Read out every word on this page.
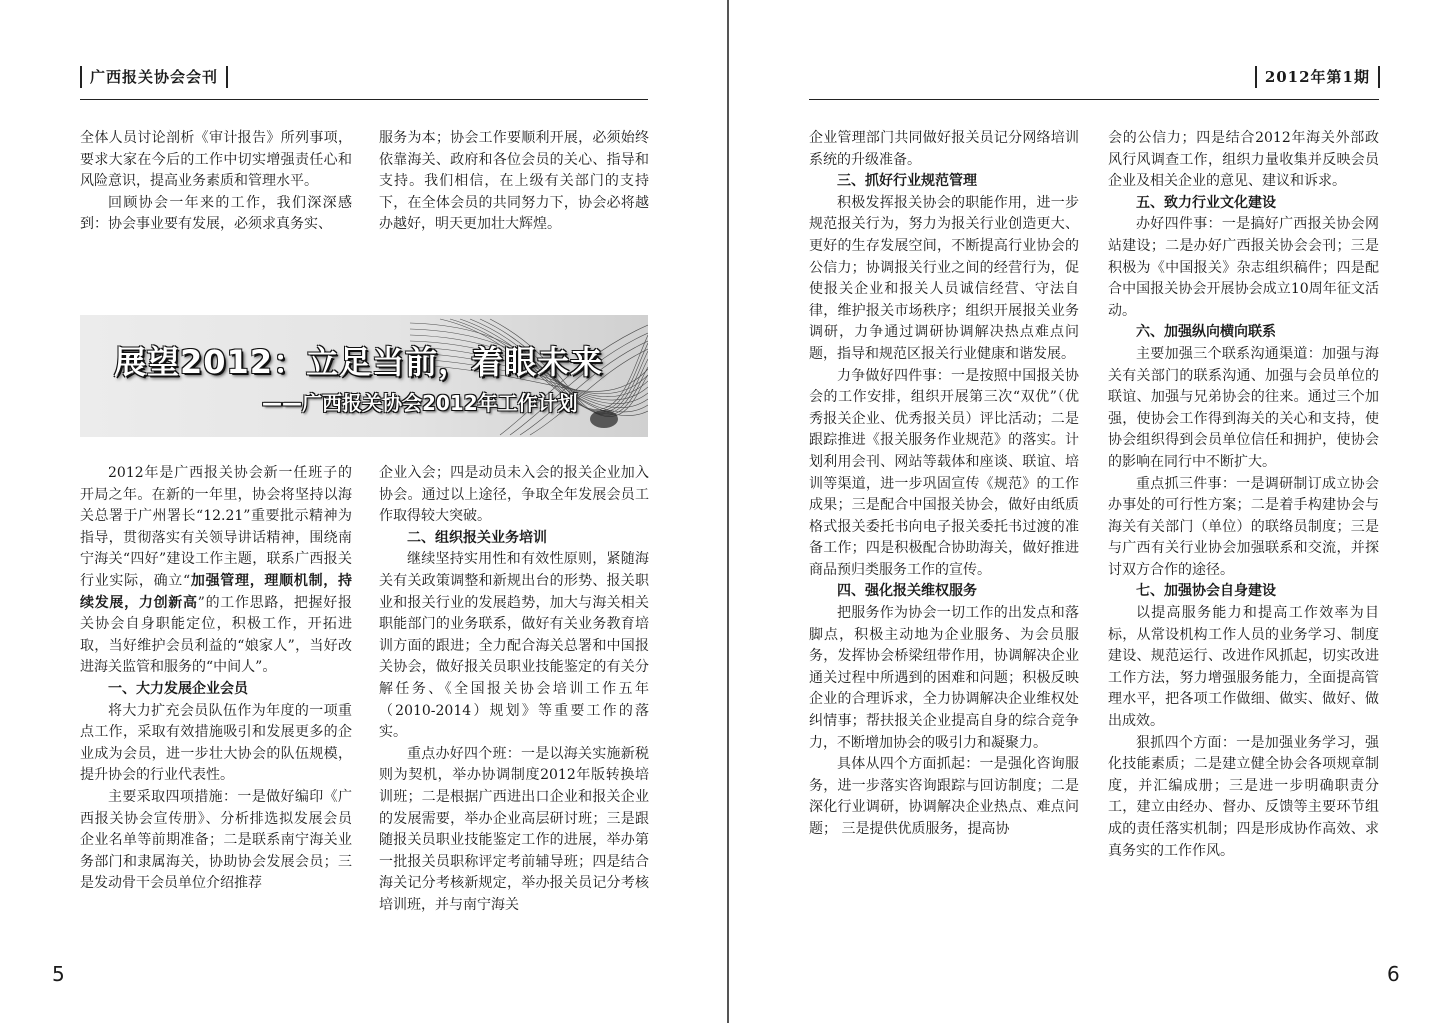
广西报关协会会刊

全体人员讨论剖析《审计报告》所列事项，要求大家在今后的工作中切实增强责任心和风险意识，提高业务素质和管理水平。

回顾协会一年来的工作，我们深深感到：协会事业要有发展，必须求真务实、

服务为本；协会工作要顺利开展，必须始终依靠海关、政府和各位会员的关心、指导和支持。我们相信，在上级有关部门的支持下，在全体会员的共同努力下，协会必将越办越好，明天更加壮大辉煌。

展望2012：立足当前，着眼未来
——广西报关协会2012年工作计划

2012年是广西报关协会新一任班子的开局之年。在新的一年里，协会将坚持以海关总署于广州署长“12.21”重要批示精神为指导，贯彻落实有关领导讲话精神，围绕南宁海关“四好”建设工作主题，联系广西报关行业实际，确立“加强管理，理顺机制，持续发展，力创新高”的工作思路，把握好报关协会自身职能定位，积极工作，开拓进取，当好维护会员利益的“娘家人”，当好改进海关监管和服务的“中间人”。

一、大力发展企业会员

将大力扩充会员队伍作为年度的一项重点工作，采取有效措施吸引和发展更多的企业成为会员，进一步壮大协会的队伍规模，提升协会的行业代表性。

主要采取四项措施：一是做好编印《广西报关协会宣传册》、分析排选拟发展会员企业名单等前期准备；二是联系南宁海关业务部门和隶属海关，协助协会发展会员；三是发动骨干会员单位介绍推荐

企业入会；四是动员未入会的报关企业加入协会。通过以上途径，争取全年发展会员工作取得较大突破。

二、组织报关业务培训

继续坚持实用性和有效性原则，紧随海关有关政策调整和新规出台的形势、报关职业和报关行业的发展趋势，加大与海关相关职能部门的业务联系，做好有关业务教育培训方面的跟进；全力配合海关总署和中国报关协会，做好报关员职业技能鉴定的有关分解任务、《全国报关协会培训工作五年（2010-2014）规划》等重要工作的落实。

重点办好四个班：一是以海关实施新税则为契机，举办协调制度2012年版转换培训班；二是根据广西进出口企业和报关企业的发展需要，举办企业高层研讨班；三是跟随报关员职业技能鉴定工作的进展，举办第一批报关员职称评定考前辅导班；四是结合海关记分考核新规定，举办报关员记分考核培训班，并与南宁海关

5
2012年第1期

企业管理部门共同做好报关员记分网络培训系统的升级准备。

三、抓好行业规范管理

积极发挥报关协会的职能作用，进一步规范报关行为，努力为报关行业创造更大、更好的生存发展空间，不断提高行业协会的公信力；协调报关行业之间的经营行为，促使报关企业和报关人员诚信经营、守法自律，维护报关市场秩序；组织开展报关业务调研，力争通过调研协调解决热点难点问题，指导和规范区报关行业健康和谐发展。

力争做好四件事：一是按照中国报关协会的工作安排，组织开展第三次“双优”（优秀报关企业、优秀报关员）评比活动；二是跟踪推进《报关服务作业规范》的落实。计划利用会刊、网站等载体和座谈、联谊、培训等渠道，进一步巩固宣传《规范》的工作成果；三是配合中国报关协会，做好由纸质格式报关委托书向电子报关委托书过渡的准备工作；四是积极配合协助海关，做好推进商品预归类服务工作的宣传。

四、强化报关维权服务

把服务作为协会一切工作的出发点和落脚点，积极主动地为企业服务、为会员服务，发挥协会桥梁纽带作用，协调解决企业通关过程中所遇到的困难和问题；积极反映企业的合理诉求，全力协调解决企业维权处纠情事；帮扶报关企业提高自身的综合竞争力，不断增加协会的吸引力和凝聚力。

具体从四个方面抓起：一是强化咨询服务，进一步落实咨询跟踪与回访制度；二是深化行业调研，协调解决企业热点、难点问题； 三是提供优质服务，提高协

会的公信力；四是结合2012年海关外部政风行风调查工作，组织力量收集并反映会员企业及相关企业的意见、建议和诉求。

五、致力行业文化建设

办好四件事：一是搞好广西报关协会网站建设；二是办好广西报关协会会刊；三是积极为《中国报关》杂志组织稿件；四是配合中国报关协会开展协会成立10周年征文活动。

六、加强纵向横向联系

主要加强三个联系沟通渠道：加强与海关有关部门的联系沟通、加强与会员单位的联谊、加强与兄弟协会的往来。通过三个加强，使协会工作得到海关的关心和支持，使协会组织得到会员单位信任和拥护，使协会的影响在同行中不断扩大。

重点抓三件事：一是调研制订成立协会办事处的可行性方案；二是着手构建协会与海关有关部门（单位）的联络员制度；三是与广西有关行业协会加强联系和交流，并探讨双方合作的途径。

七、加强协会自身建设

以提高服务能力和提高工作效率为目标，从常设机构工作人员的业务学习、制度建设、规范运行、改进作风抓起，切实改进工作方法，努力增强服务能力，全面提高管理水平，把各项工作做细、做实、做好、做出成效。

狠抓四个方面：一是加强业务学习，强化技能素质；二是建立健全协会各项规章制度，并汇编成册；三是进一步明确职责分工，建立由经办、督办、反馈等主要环节组成的责任落实机制；四是形成协作高效、求真务实的工作作风。

6
